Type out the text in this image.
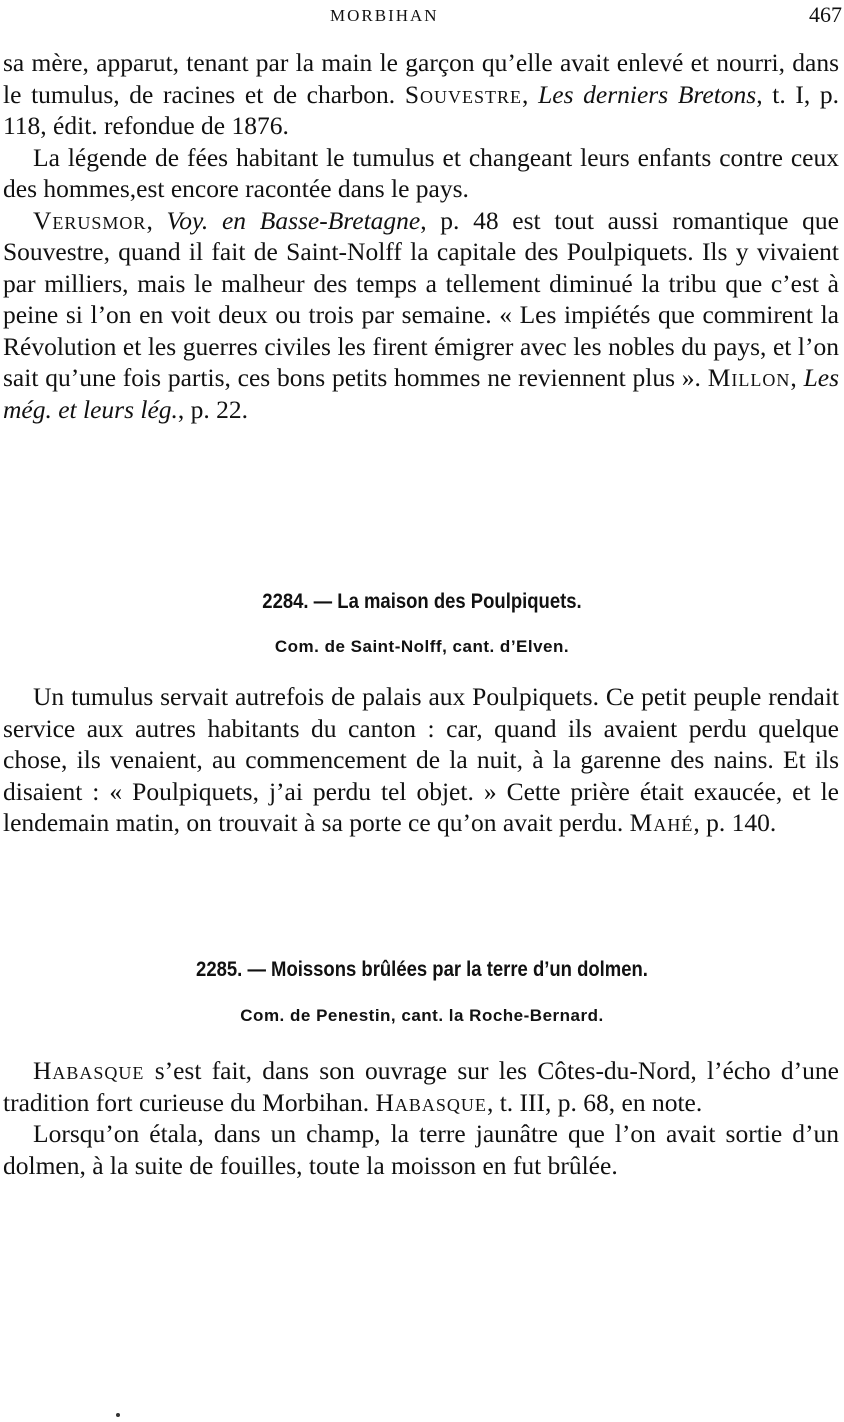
MORBIHAN	467

sa mère, apparut, tenant par la main le garçon qu’elle avait enlevé et nourri, dans le tumulus, de racines et de charbon. Souvestre, Les derniers Bretons, t. I, p. 118, édit. refondue de 1876.

La légende de fées habitant le tumulus et changeant leurs enfants contre ceux des hommes,est encore racontée dans le pays.

Verusmor, Voy. en Basse-Bretagne, p. 48 est tout aussi romantique que Souvestre, quand il fait de Saint-Nolff la capitale des Poulpiquets. Ils y vivaient par milliers, mais le malheur des temps a tellement diminué la tribu que c’est à peine si l’on en voit deux ou trois par semaine. « Les impiétés que commirent la Révolution et les guerres civiles les firent émigrer avec les nobles du pays, et l’on sait qu’une fois partis, ces bons petits hommes ne reviennent plus ». Millon, Les még. et leurs lég., p. 22.

2284. — La maison des Poulpiquets.
Com. de Saint-Nolff, cant. d’Elven.

Un tumulus servait autrefois de palais aux Poulpiquets. Ce petit peuple rendait service aux autres habitants du canton : car, quand ils avaient perdu quelque chose, ils venaient, au commencement de la nuit, à la garenne des nains. Et ils disaient : « Poulpiquets, j’ai perdu tel objet. » Cette prière était exaucée, et le lendemain matin, on trouvait à sa porte ce qu’on avait perdu. Mahé, p. 140.

2285. — Moissons brûlées par la terre d’un dolmen.
Com. de Penestin, cant. la Roche-Bernard.

Habasque s’est fait, dans son ouvrage sur les Côtes-du-Nord, l’écho d’une tradition fort curieuse du Morbihan. Habasque, t. III, p. 68, en note.

Lorsqu’on étala, dans un champ, la terre jaunâtre que l’on avait sortie d’un dolmen, à la suite de fouilles, toute la moisson en fut brûlée.
